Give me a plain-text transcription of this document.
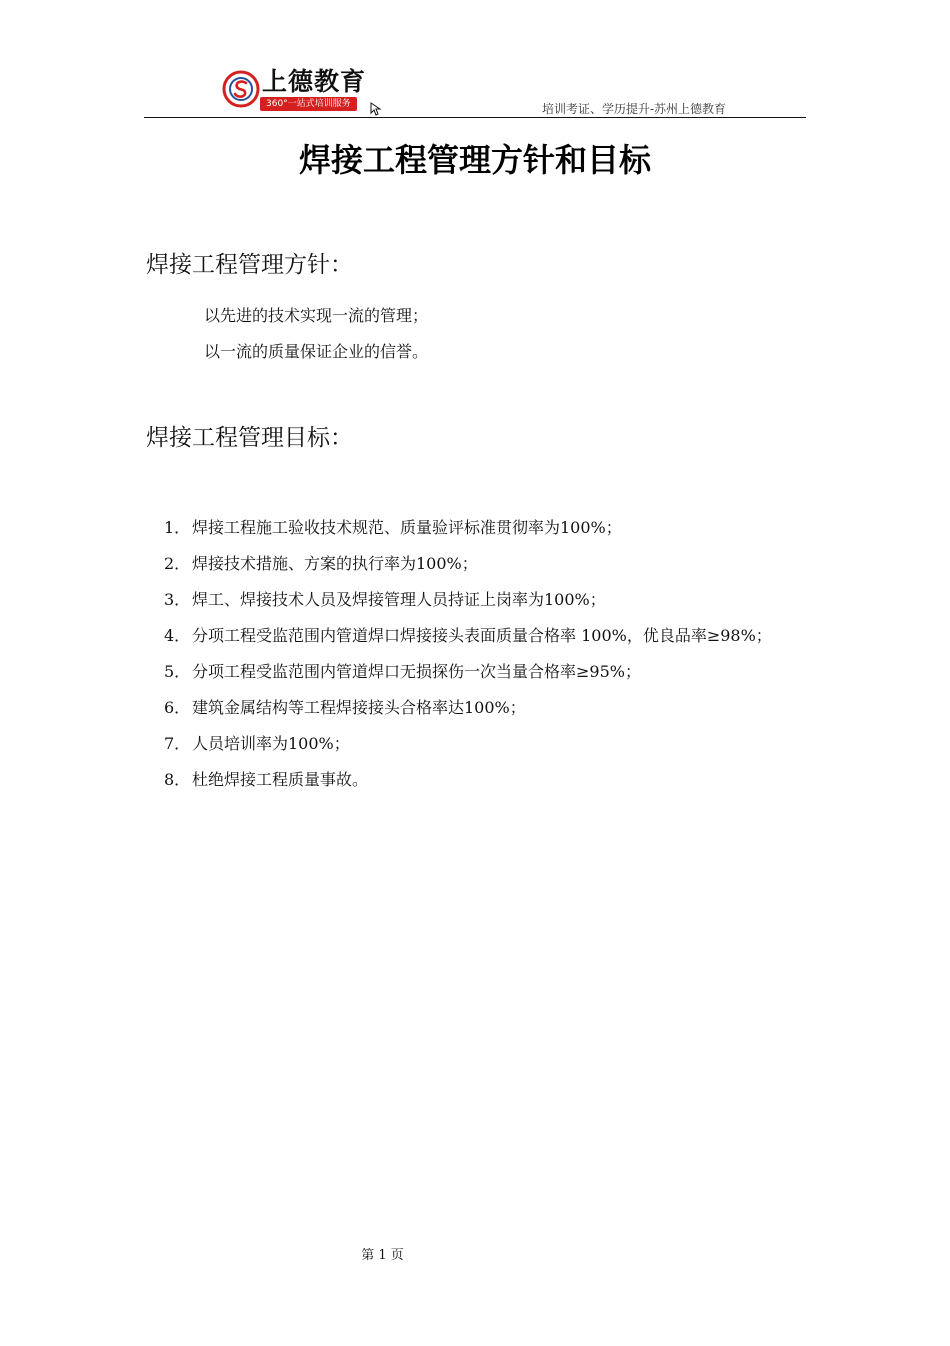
上德教育
360°一站式培训服务	培训考证、学历提升-苏州上德教育
焊接工程管理方针和目标
焊接工程管理方针：
以先进的技术实现一流的管理；
以一流的质量保证企业的信誉。
焊接工程管理目标：

1． 焊接工程施工验收技术规范、质量验评标准贯彻率为100%；

2． 焊接技术措施、方案的执行率为100%；

3． 焊工、焊接技术人员及焊接管理人员持证上岗率为100%；

4． 分项工程受监范围内管道焊口焊接接头表面质量合格率 100%，优良品率≥98%；

5． 分项工程受监范围内管道焊口无损探伤一次当量合格率≥95%；

6． 建筑金属结构等工程焊接接头合格率达100%；

7． 人员培训率为100%；

8． 杜绝焊接工程质量事故。

第 1 页
